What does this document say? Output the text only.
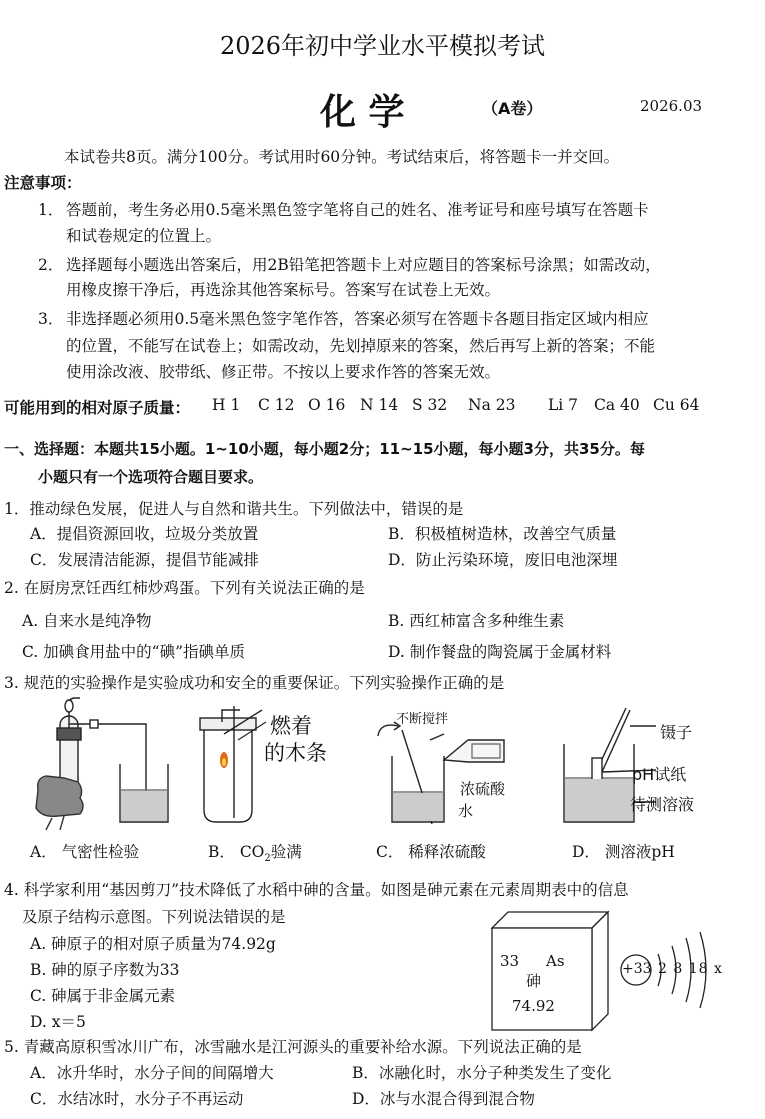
2026年初中学业水平模拟考试
化 学	（A卷）	2026.03
本试卷共8页。满分100分。考试用时60分钟。考试结束后，将答题卡一并交回。
注意事项：
1． 答题前，考生务必用0.5毫米黑色签字笔将自己的姓名、准考证号和座号填写在答题卡
和试卷规定的位置上。
2． 选择题每小题选出答案后，用2B铅笔把答题卡上对应题目的答案标号涂黑；如需改动，
用橡皮擦干净后，再选涂其他答案标号。答案写在试卷上无效。
3． 非选择题必须用0.5毫米黑色签字笔作答，答案必须写在答题卡各题目指定区域内相应
的位置，不能写在试卷上；如需改动，先划掉原来的答案，然后再写上新的答案；不能
使用涂改液、胶带纸、修正带。不按以上要求作答的答案无效。
可能用到的相对原子质量： H 1 C 12 O 16 N 14 S 32 Na 23 Li 7 Ca 40 Cu 64
一、选择题：本题共15小题。1~10小题，每小题2分；11~15小题，每小题3分，共35分。每
小题只有一个选项符合题目要求。
1．推动绿色发展，促进人与自然和谐共生。下列做法中，错误的是
A．提倡资源回收，垃圾分类放置	B．积极植树造林，改善空气质量
C．发展清洁能源，提倡节能减排	D．防止污染环境，废旧电池深埋
2. 在厨房烹饪西红柿炒鸡蛋。下列有关说法正确的是
A. 自来水是纯净物	B. 西红柿富含多种维生素
C. 加碘食用盐中的“碘”指碘单质	D. 制作餐盘的陶瓷属于金属材料
3. 规范的实验操作是实验成功和安全的重要保证。下列实验操作正确的是
燃着
的木条
不断搅拌
浓硫酸
水
镊子
pH试纸
待测溶液
A． 气密性检验	B． $CO_2$验满	C． 稀释浓硫酸	D． 测溶液pH
4. 科学家利用“基因剪刀”技术降低了水稻中砷的含量。如图是砷元素在元素周期表中的信息
及原子结构示意图。下列说法错误的是
A. 砷原子的相对原子质量为74.92g
B. 砷的原子序数为33
C. 砷属于非金属元素
D. x＝5
33 As
砷
74.92
+33 2 8 18 x
5. 青藏高原积雪冰川广布，冰雪融水是江河源头的重要补给水源。下列说法正确的是
A．冰升华时，水分子间的间隔增大	B．冰融化时，水分子种类发生了变化
C．水结冰时，水分子不再运动	D．冰与水混合得到混合物
